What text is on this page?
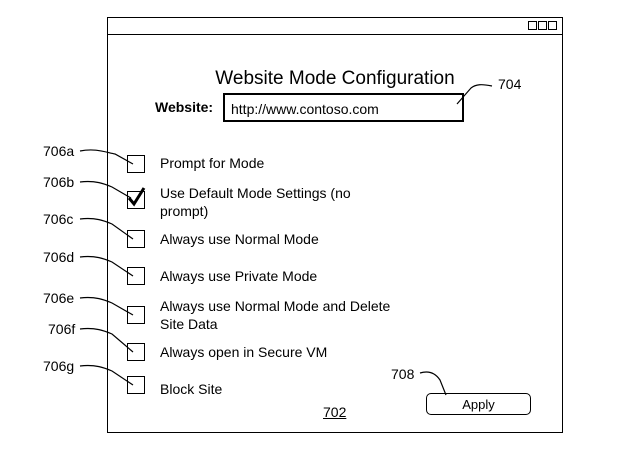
Website Mode Configuration
Website:	http://www.contoso.com
Prompt for Mode
Use Default Mode Settings (no
prompt)
Always use Normal Mode
Always use Private Mode
Always use Normal Mode and Delete
Site Data
Always open in Secure VM
Block Site
706a
706b
706c
706d
706e
706f
706g
704
708
702	Apply
